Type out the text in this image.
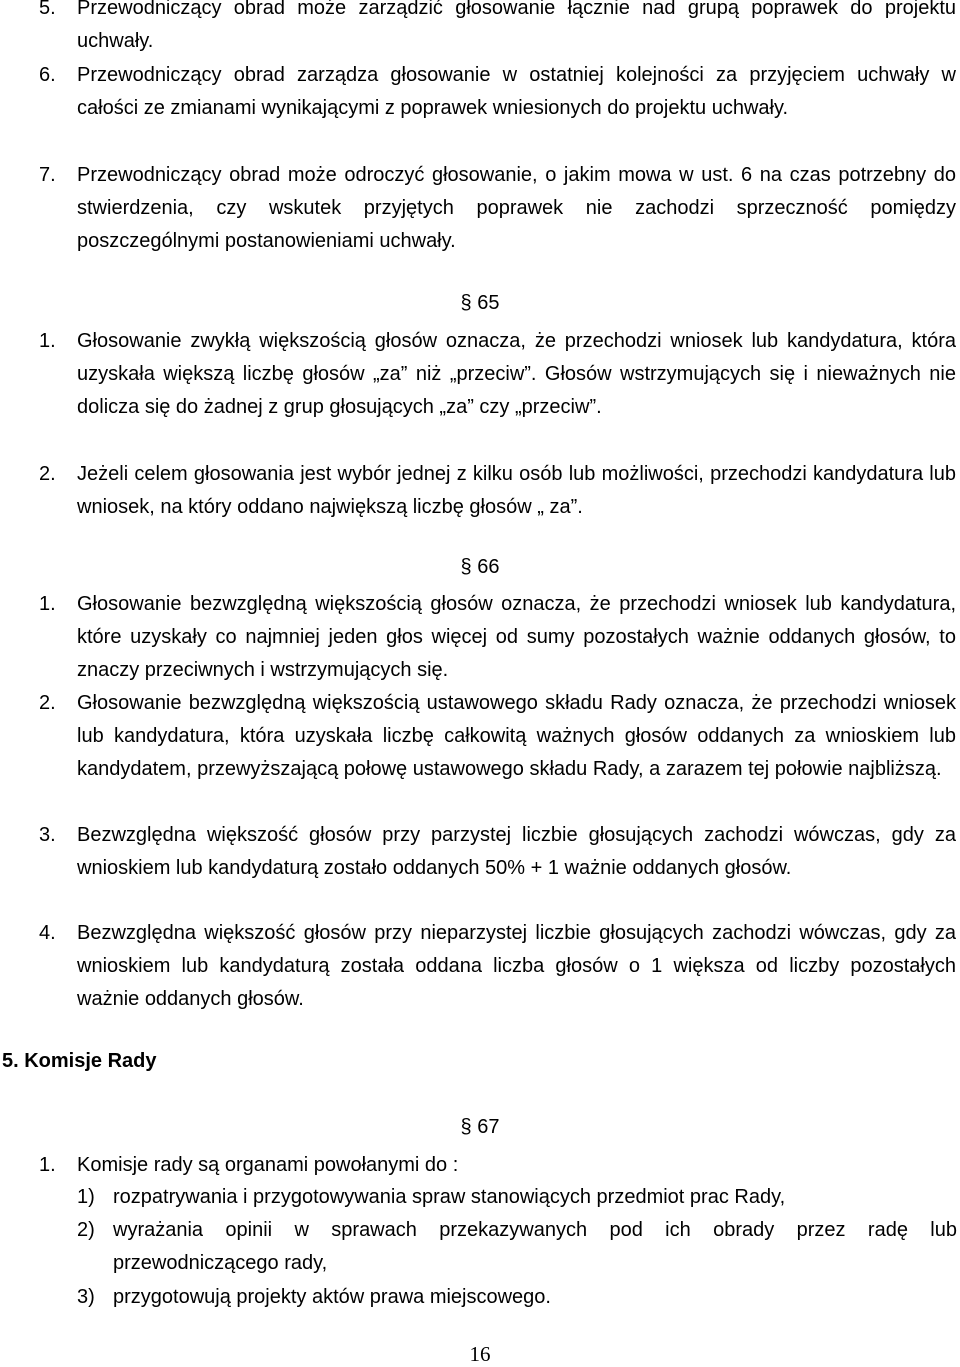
5. Przewodniczący obrad może zarządzić głosowanie łącznie nad grupą poprawek do projektu uchwały.
6. Przewodniczący obrad zarządza głosowanie w ostatniej kolejności za przyjęciem uchwały w całości ze zmianami wynikającymi z poprawek wniesionych do projektu uchwały.
7. Przewodniczący obrad może odroczyć głosowanie, o jakim mowa w ust. 6 na czas potrzebny do stwierdzenia, czy wskutek przyjętych poprawek nie zachodzi sprzeczność pomiędzy poszczególnymi postanowieniami uchwały.
§ 65
1. Głosowanie zwykłą większością głosów oznacza, że przechodzi wniosek lub kandydatura, która uzyskała większą liczbę głosów „za” niż „przeciw”. Głosów wstrzymujących się i nieważnych nie dolicza się do żadnej z grup głosujących „za” czy „przeciw”.
2. Jeżeli celem głosowania jest wybór jednej z kilku osób lub możliwości, przechodzi kandydatura lub wniosek, na który oddano największą liczbę głosów „ za”.
§ 66
1. Głosowanie bezwzględną większością głosów oznacza, że przechodzi wniosek lub kandydatura, które uzyskały co najmniej jeden głos więcej od sumy pozostałych ważnie oddanych głosów, to znaczy przeciwnych i wstrzymujących się.
2. Głosowanie bezwzględną większością ustawowego składu Rady oznacza, że przechodzi wniosek lub kandydatura, która uzyskała liczbę całkowitą ważnych głosów oddanych za wnioskiem lub kandydatem, przewyższającą połowę ustawowego składu Rady, a zarazem tej połowie najbliższą.
3. Bezwzględna większość głosów przy parzystej liczbie głosujących zachodzi wówczas, gdy za wnioskiem lub kandydaturą zostało oddanych 50% + 1 ważnie oddanych głosów.
4. Bezwzględna większość głosów przy nieparzystej liczbie głosujących zachodzi wówczas, gdy za wnioskiem lub kandydaturą została oddana liczba głosów o 1 większa od liczby pozostałych ważnie oddanych głosów.
5. Komisje Rady
§ 67
1. Komisje rady są organami powołanymi do :
1) rozpatrywania i przygotowywania spraw stanowiących przedmiot prac Rady,
2) wyrażania opinii w sprawach przekazywanych pod ich obrady przez radę lub przewodniczącego rady,
3) przygotowują projekty aktów prawa miejscowego.
16
